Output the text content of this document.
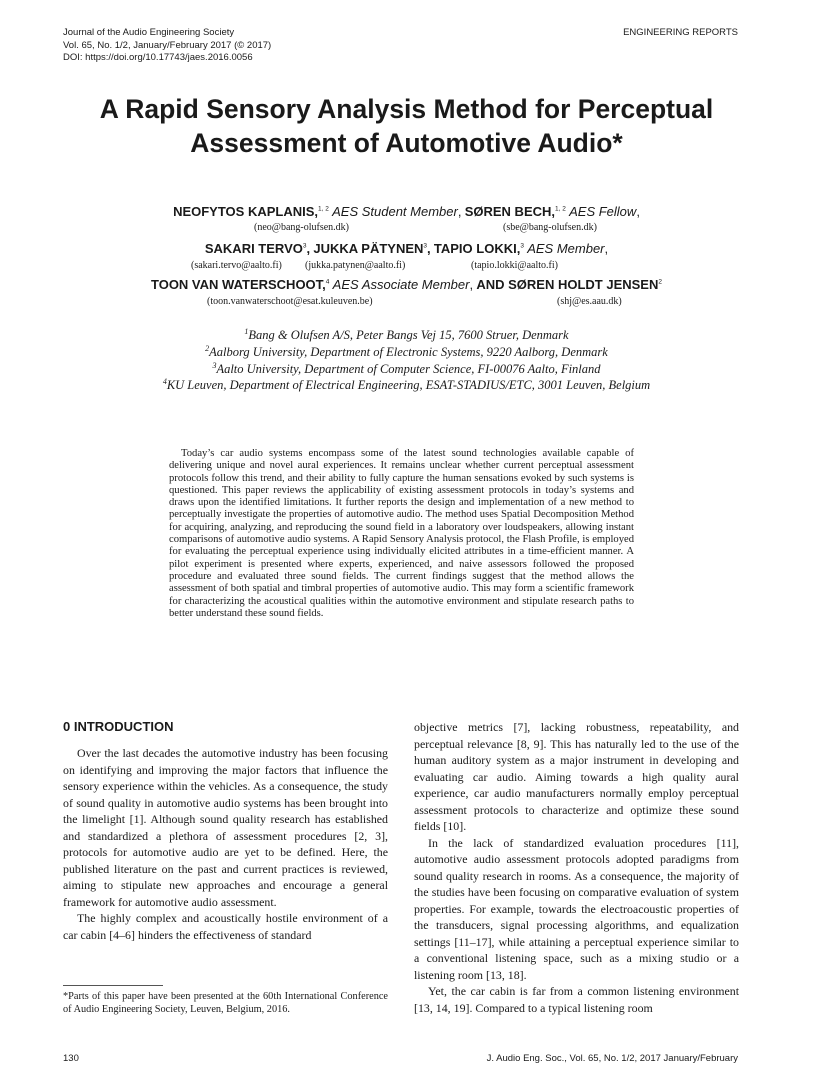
Journal of the Audio Engineering Society
Vol. 65, No. 1/2, January/February 2017 (© 2017)
DOI: https://doi.org/10.17743/jaes.2016.0056
ENGINEERING REPORTS
A Rapid Sensory Analysis Method for Perceptual
Assessment of Automotive Audio*
NEOFYTOS KAPLANIS,$^{1, 2}$ AES Student Member, SØREN BECH,$^{1, 2}$ AES Fellow,
(neo@bang-olufsen.dk)	(sbe@bang-olufsen.dk)
SAKARI TERVO$^3$, JUKKA PÄTYNEN$^3$, TAPIO LOKKI,$^3$ AES Member,
(sakari.tervo@aalto.fi) (jukka.patynen@aalto.fi)	(tapio.lokki@aalto.fi)
TOON VAN WATERSCHOOT,$^4$ AES Associate Member, AND SØREN HOLDT JENSEN$^2$
(toon.vanwaterschoot@esat.kuleuven.be)	(shj@es.aau.dk)
$^1$Bang & Olufsen A/S, Peter Bangs Vej 15, 7600 Struer, Denmark
$^2$Aalborg University, Department of Electronic Systems, 9220 Aalborg, Denmark
$^3$Aalto University, Department of Computer Science, FI-00076 Aalto, Finland
$^4$KU Leuven, Department of Electrical Engineering, ESAT-STADIUS/ETC, 3001 Leuven, Belgium

Today’s car audio systems encompass some of the latest sound technologies available capable of delivering unique and novel aural experiences. It remains unclear whether current perceptual assessment protocols follow this trend, and their ability to fully capture the human sensations evoked by such systems is questioned. This paper reviews the applicability of existing assessment protocols in today’s systems and draws upon the identified limitations. It further reports the design and implementation of a new method to perceptually investigate the properties of automotive audio. The method uses Spatial Decomposition Method for acquiring, analyzing, and reproducing the sound field in a laboratory over loudspeakers, allowing instant comparisons of automotive audio systems. A Rapid Sensory Analysis protocol, the Flash Profile, is employed for evaluating the perceptual experience using individually elicited attributes in a time-efficient manner. A pilot experiment is presented where experts, experienced, and naive assessors followed the proposed procedure and evaluated three sound fields. The current findings suggest that the method allows the assessment of both spatial and timbral properties of automotive audio. This may form a scientific framework for characterizing the acoustical qualities within the automotive environment and stipulate research paths to better understand these sound fields.

0 INTRODUCTION

Over the last decades the automotive industry has been focusing on identifying and improving the major factors that influence the sensory experience within the vehicles. As a consequence, the study of sound quality in automotive audio systems has been brought into the limelight [1]. Although sound quality research has established and standardized a plethora of assessment procedures [2, 3], protocols for automotive audio are yet to be defined. Here, the published literature on the past and current practices is reviewed, aiming to stipulate new approaches and encourage a general framework for automotive audio assessment.

The highly complex and acoustically hostile environment of a car cabin [4–6] hinders the effectiveness of standard

objective metrics [7], lacking robustness, repeatability, and perceptual relevance [8, 9]. This has naturally led to the use of the human auditory system as a major instrument in developing and evaluating car audio. Aiming towards a high quality aural experience, car audio manufacturers normally employ perceptual assessment protocols to characterize and optimize these sound fields [10].

In the lack of standardized evaluation procedures [11], automotive audio assessment protocols adopted paradigms from sound quality research in rooms. As a consequence, the majority of the studies have been focusing on comparative evaluation of system properties. For example, towards the electroacoustic properties of the transducers, signal processing algorithms, and equalization settings [11–17], while attaining a perceptual experience similar to a conventional listening space, such as a mixing studio or a listening room [13, 18].

Yet, the car cabin is far from a common listening environment [13, 14, 19]. Compared to a typical listening room

*Parts of this paper have been presented at the 60th International Conference of Audio Engineering Society, Leuven, Belgium, 2016.

130	J. Audio Eng. Soc., Vol. 65, No. 1/2, 2017 January/February
